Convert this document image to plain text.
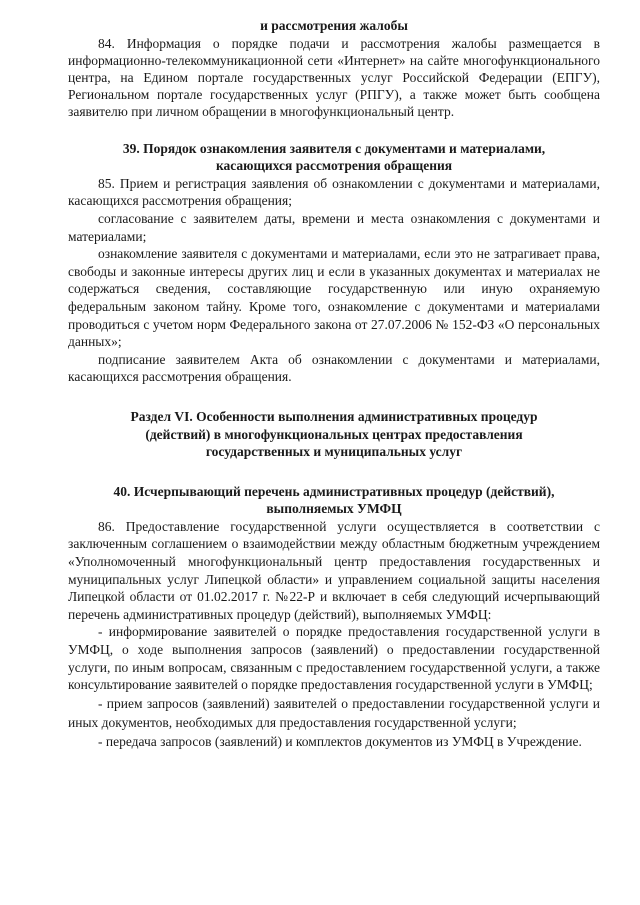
и рассмотрения жалобы

84. Информация о порядке подачи и рассмотрения жалобы размещается в информационно-телекоммуникационной сети «Интернет» на сайте многофункционального центра, на Едином портале государственных услуг Российской Федерации (ЕПГУ), Региональном портале государственных услуг (РПГУ), а также может быть сообщена заявителю при личном обращении в многофункциональный центр.

39. Порядок ознакомления заявителя с документами и материалами,

касающихся рассмотрения обращения

85. Прием и регистрация заявления об ознакомлении с документами и материалами, касающихся рассмотрения обращения;

согласование с заявителем даты, времени и места ознакомления с документами и материалами;

ознакомление заявителя с документами и материалами, если это не затрагивает права, свободы и законные интересы других лиц и если в указанных документах и материалах не содержаться сведения, составляющие государственную или иную охраняемую федеральным законом тайну. Кроме того, ознакомление с документами и материалами проводиться с учетом норм Федерального закона от 27.07.2006 № 152-ФЗ «О персональных данных»;

подписание заявителем Акта об ознакомлении с документами и материалами, касающихся рассмотрения обращения.

Раздел VI. Особенности выполнения административных процедур

(действий) в многофункциональных центрах предоставления

государственных и муниципальных услуг

40. Исчерпывающий перечень административных процедур (действий),

выполняемых УМФЦ

86. Предоставление государственной услуги осуществляется в соответствии с заключенным соглашением о взаимодействии между областным бюджетным учреждением «Уполномоченный многофункциональный центр предоставления государственных и муниципальных услуг Липецкой области» и управлением социальной защиты населения Липецкой области от 01.02.2017 г. №22-Р и включает в себя следующий исчерпывающий перечень административных процедур (действий), выполняемых УМФЦ:

- информирование заявителей о порядке предоставления государственной услуги в УМФЦ, о ходе выполнения запросов (заявлений) о предоставлении государственной услуги, по иным вопросам, связанным с предоставлением государственной услуги, а также консультирование заявителей о порядке предоставления государственной услуги в УМФЦ;

- прием запросов (заявлений) заявителей о предоставлении государственной услуги и иных документов, необходимых для предоставления государственной услуги;

- передача запросов (заявлений) и комплектов документов из УМФЦ в Учреждение.
